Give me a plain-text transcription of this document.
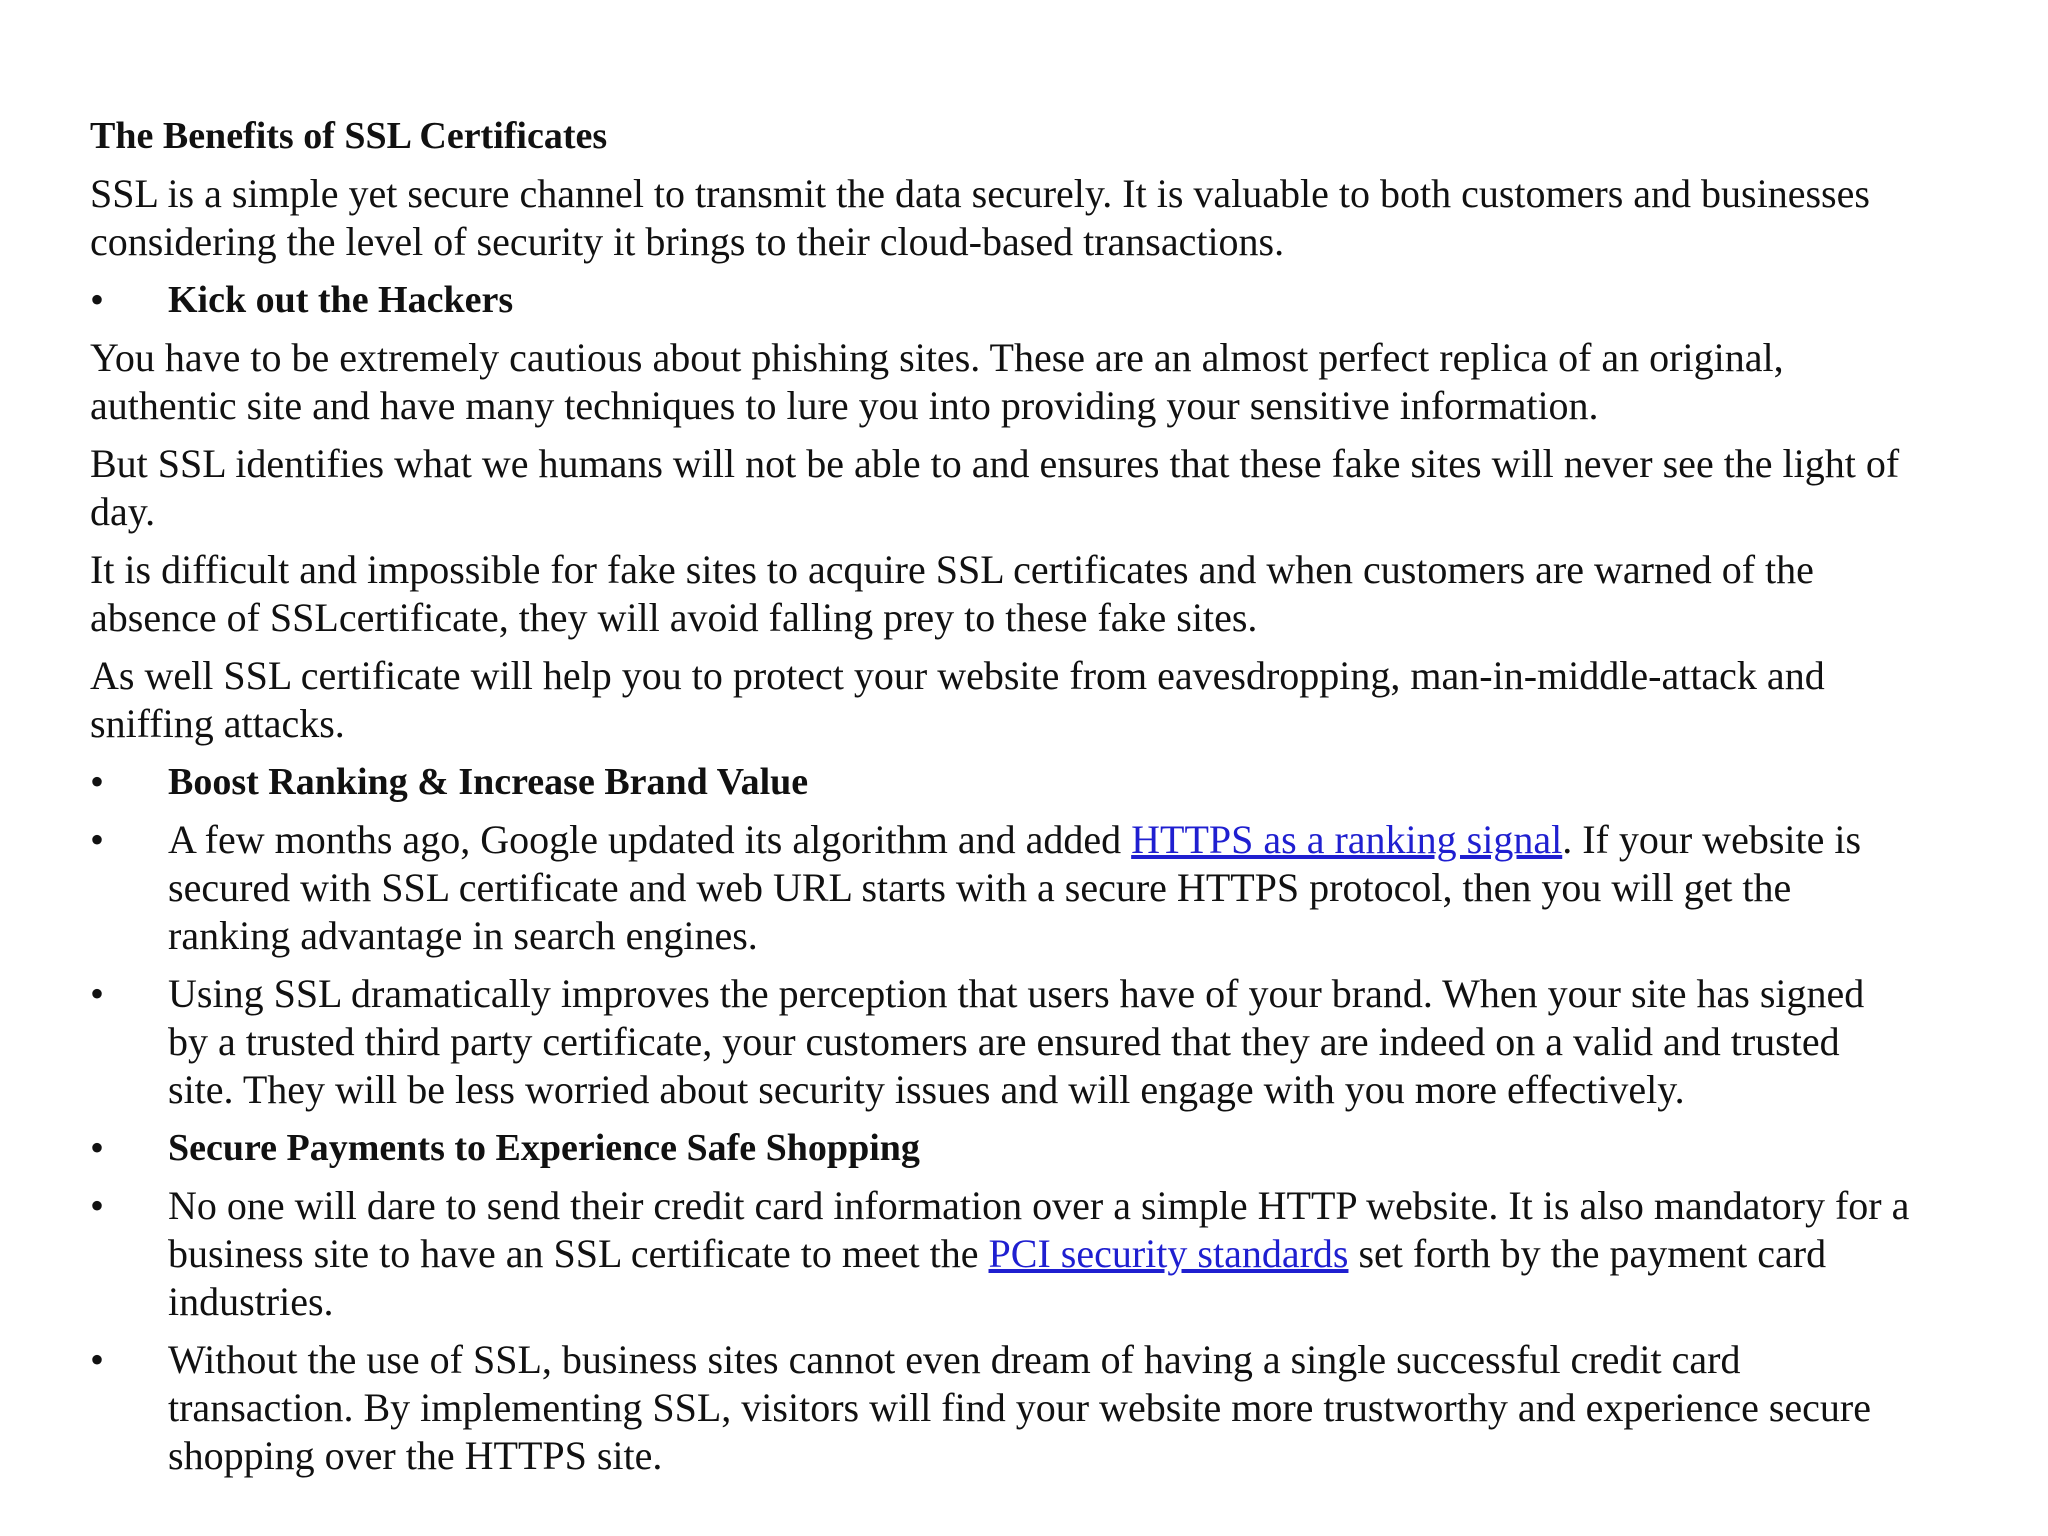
The Benefits of SSL Certificates
SSL is a simple yet secure channel to transmit the data securely. It is valuable to both customers and businesses considering the level of security it brings to their cloud-based transactions.
•	Kick out the Hackers
You have to be extremely cautious about phishing sites. These are an almost perfect replica of an original, authentic site and have many techniques to lure you into providing your sensitive information.
But SSL identifies what we humans will not be able to and ensures that these fake sites will never see the light of day.
It is difficult and impossible for fake sites to acquire SSL certificates and when customers are warned of the absence of SSLcertificate, they will avoid falling prey to these fake sites.
As well SSL certificate will help you to protect your website from eavesdropping, man-in-middle-attack and sniffing attacks.
•	Boost Ranking & Increase Brand Value
•	A few months ago, Google updated its algorithm and added HTTPS as a ranking signal. If your website is secured with SSL certificate and web URL starts with a secure HTTPS protocol, then you will get the ranking advantage in search engines.
•	Using SSL dramatically improves the perception that users have of your brand. When your site has signed by a trusted third party certificate, your customers are ensured that they are indeed on a valid and trusted site. They will be less worried about security issues and will engage with you more effectively.
•	Secure Payments to Experience Safe Shopping
•	No one will dare to send their credit card information over a simple HTTP website. It is also mandatory for a business site to have an SSL certificate to meet the PCI security standards set forth by the payment card industries.
•	Without the use of SSL, business sites cannot even dream of having a single successful credit card transaction. By implementing SSL, visitors will find your website more trustworthy and experience secure shopping over the HTTPS site.
